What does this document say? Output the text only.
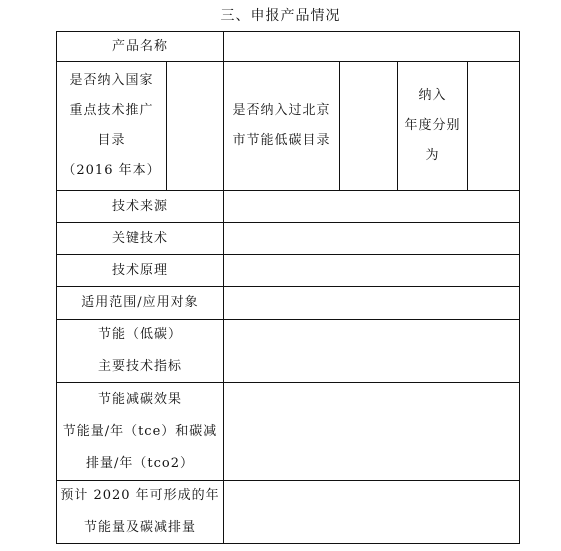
三、申报产品情况
产品名称
是否纳入国家
重点技术推广
目录
（2016 年本）
是否纳入过北京
市节能低碳目录
纳入
年度分别
为
技术来源
关键技术
技术原理
适用范围/应用对象
节能（低碳）
主要技术指标
节能减碳效果
节能量/年（tce）和碳减
排量/年（tco2）
预计 2020 年可形成的年
节能量及碳减排量
